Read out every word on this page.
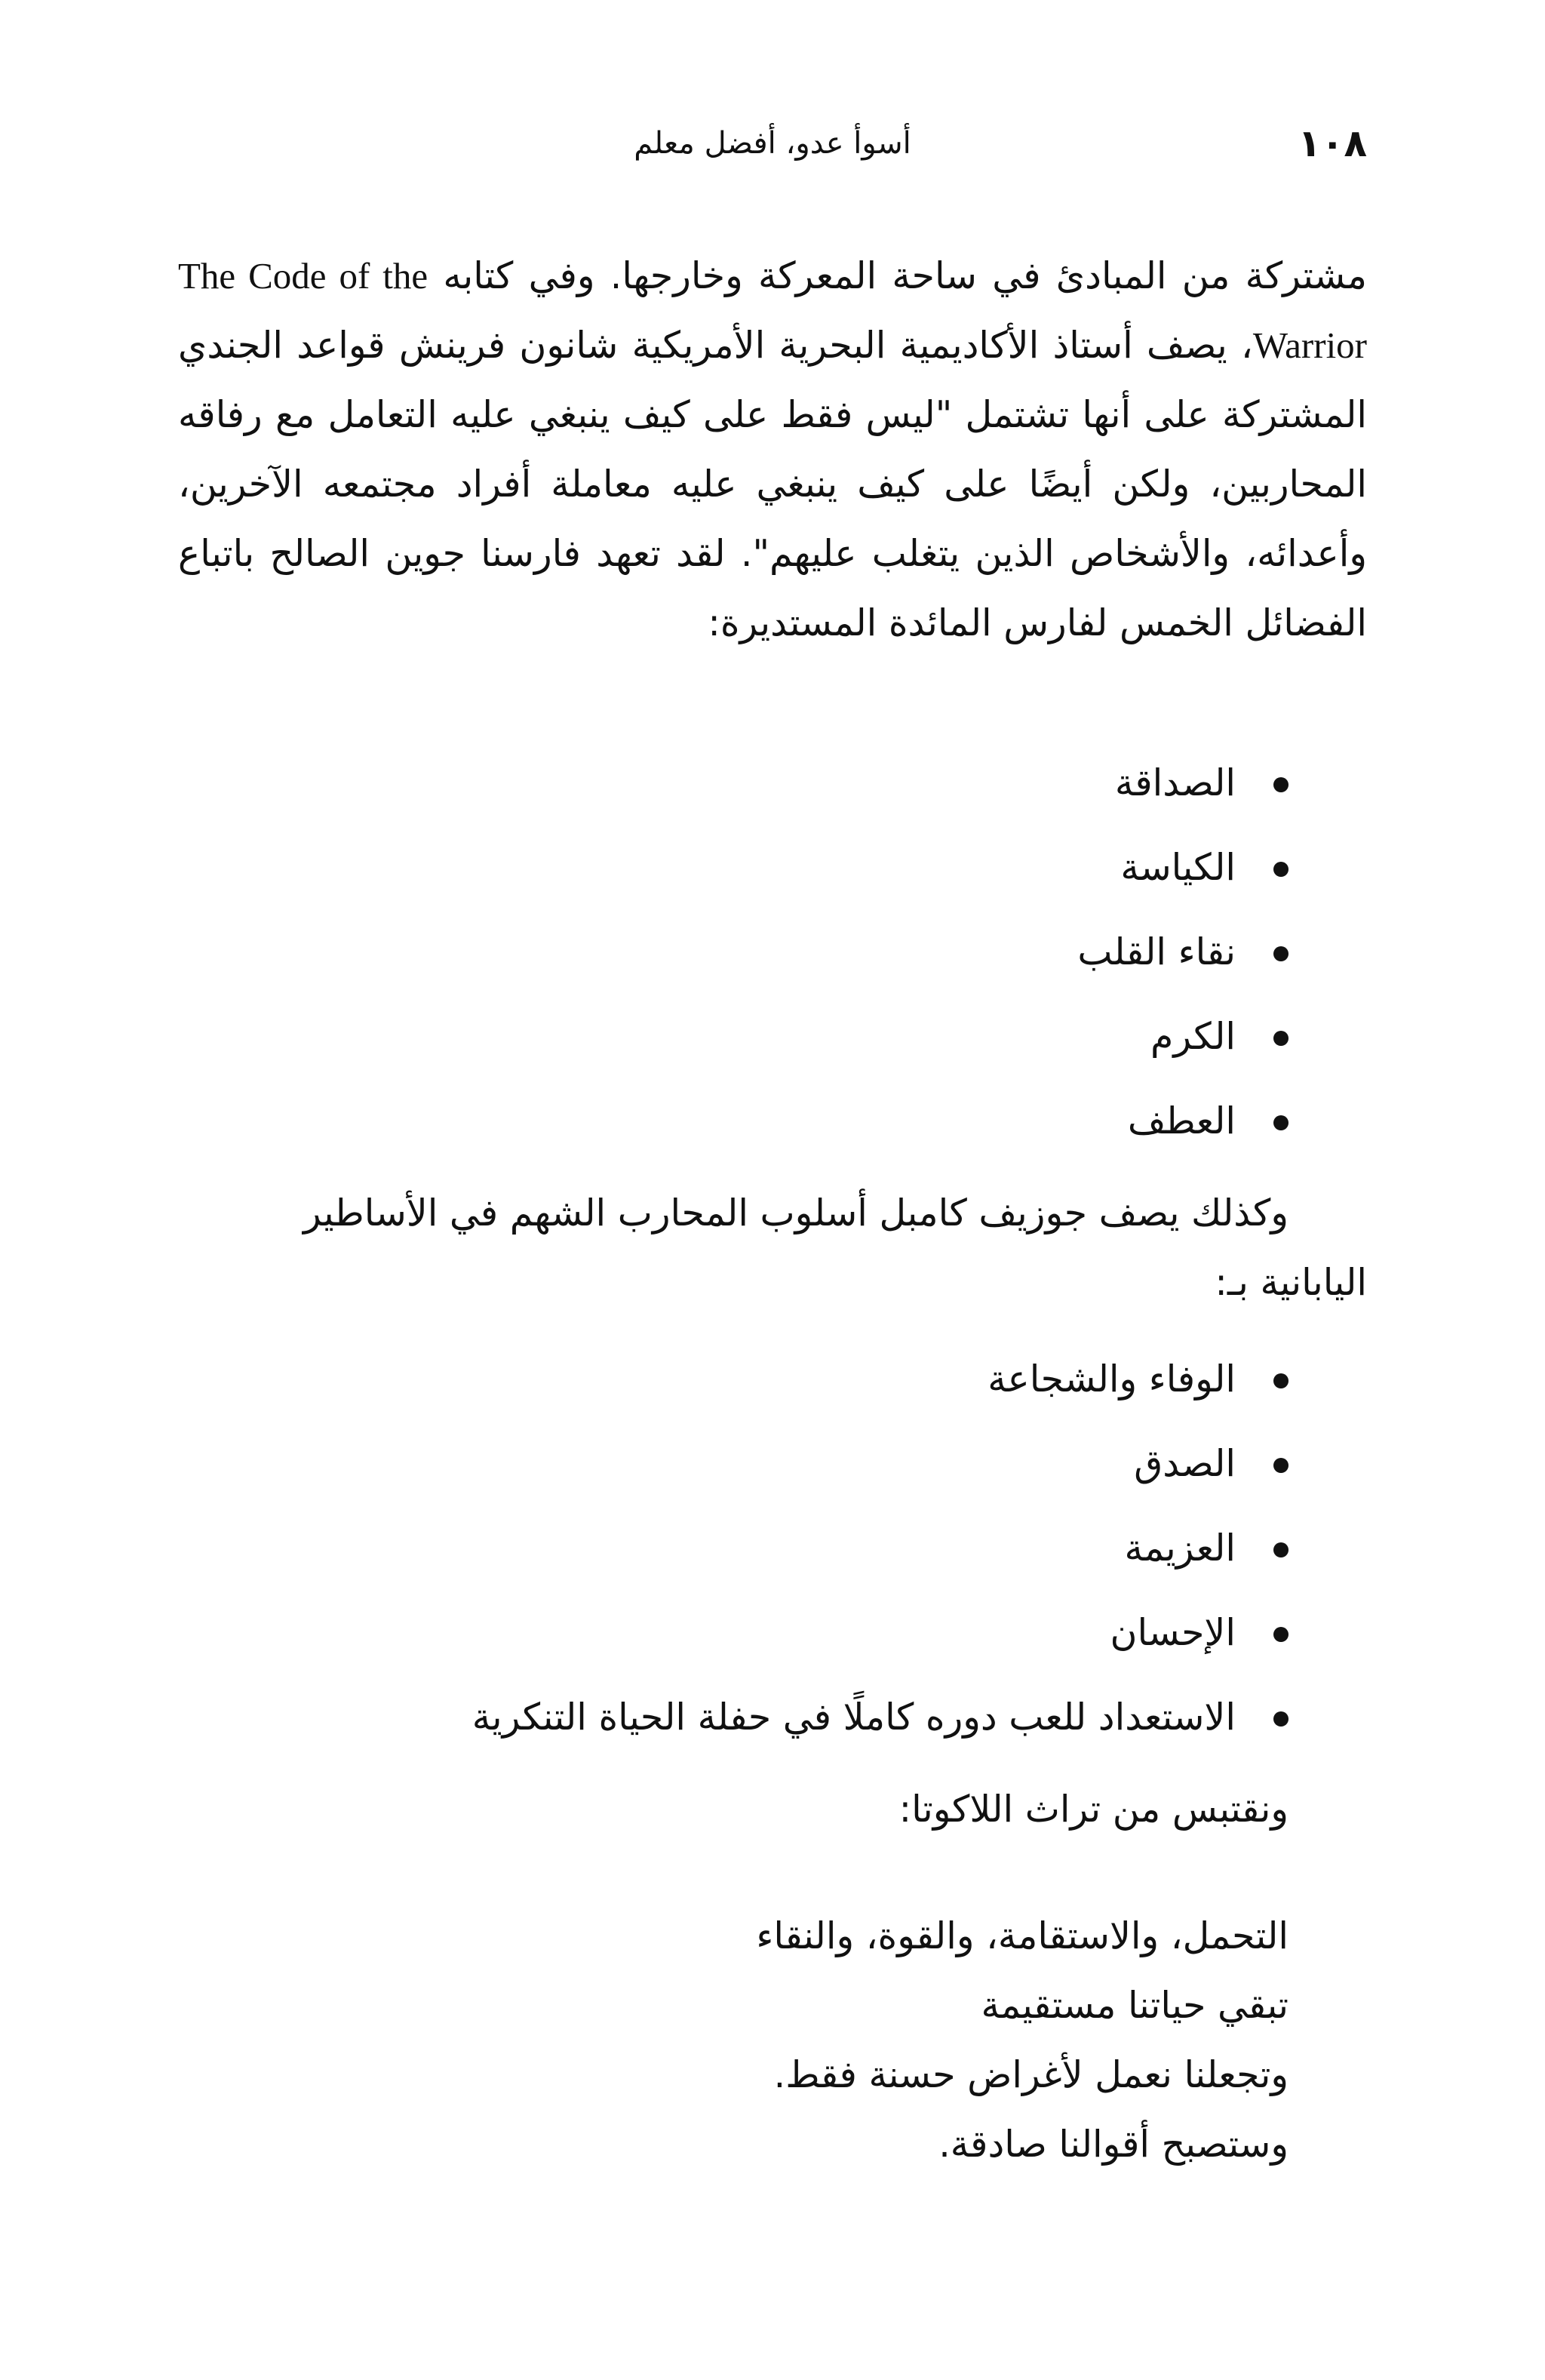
١٠٨
أسوأ عدو، أفضل معلم

مشتركة من المبادئ في ساحة المعركة وخارجها. وفي كتابه The Code of the Warrior، يصف أستاذ الأكاديمية البحرية الأمريكية شانون فرينش قواعد الجندي المشتركة على أنها تشتمل "ليس فقط على كيف ينبغي عليه التعامل مع رفاقه المحاربين، ولكن أيضًا على كيف ينبغي عليه معاملة أفراد مجتمعه الآخرين، وأعدائه، والأشخاص الذين يتغلب عليهم". لقد تعهد فارسنا جوين الصالح باتباع الفضائل الخمس لفارس المائدة المستديرة:

الصداقة
الكياسة
نقاء القلب
الكرم
العطف

وكذلك يصف جوزيف كامبل أسلوب المحارب الشهم في الأساطير
اليابانية بـ:

الوفاء والشجاعة
الصدق
العزيمة
الإحسان
الاستعداد للعب دوره كاملًا في حفلة الحياة التنكرية

ونقتبس من تراث اللاكوتا:

التحمل، والاستقامة، والقوة، والنقاء
تبقي حياتنا مستقيمة
وتجعلنا نعمل لأغراض حسنة فقط.
وستصبح أقوالنا صادقة.
